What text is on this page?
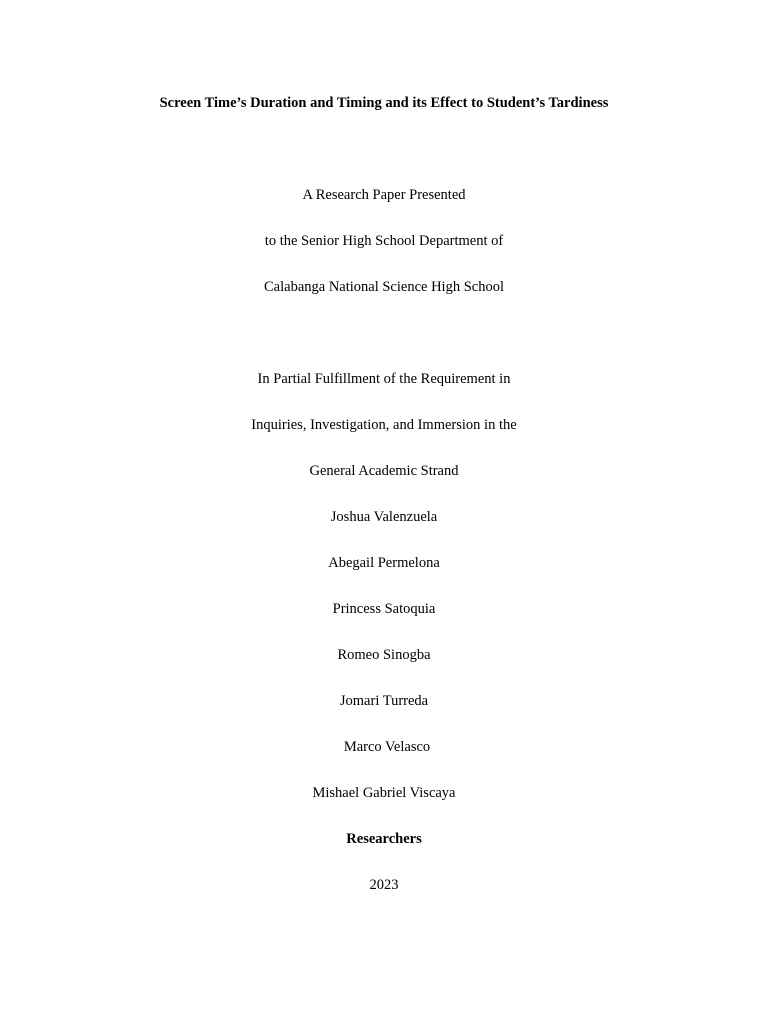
Screen Time’s Duration and Timing and its Effect to Student’s Tardiness

A Research Paper Presented

to the Senior High School Department of

Calabanga National Science High School

In Partial Fulfillment of the Requirement in

Inquiries, Investigation, and Immersion in the

General Academic Strand

Joshua Valenzuela

Abegail Permelona

Princess Satoquia

Romeo Sinogba

Jomari Turreda

Marco Velasco

Mishael Gabriel Viscaya

Researchers

2023
